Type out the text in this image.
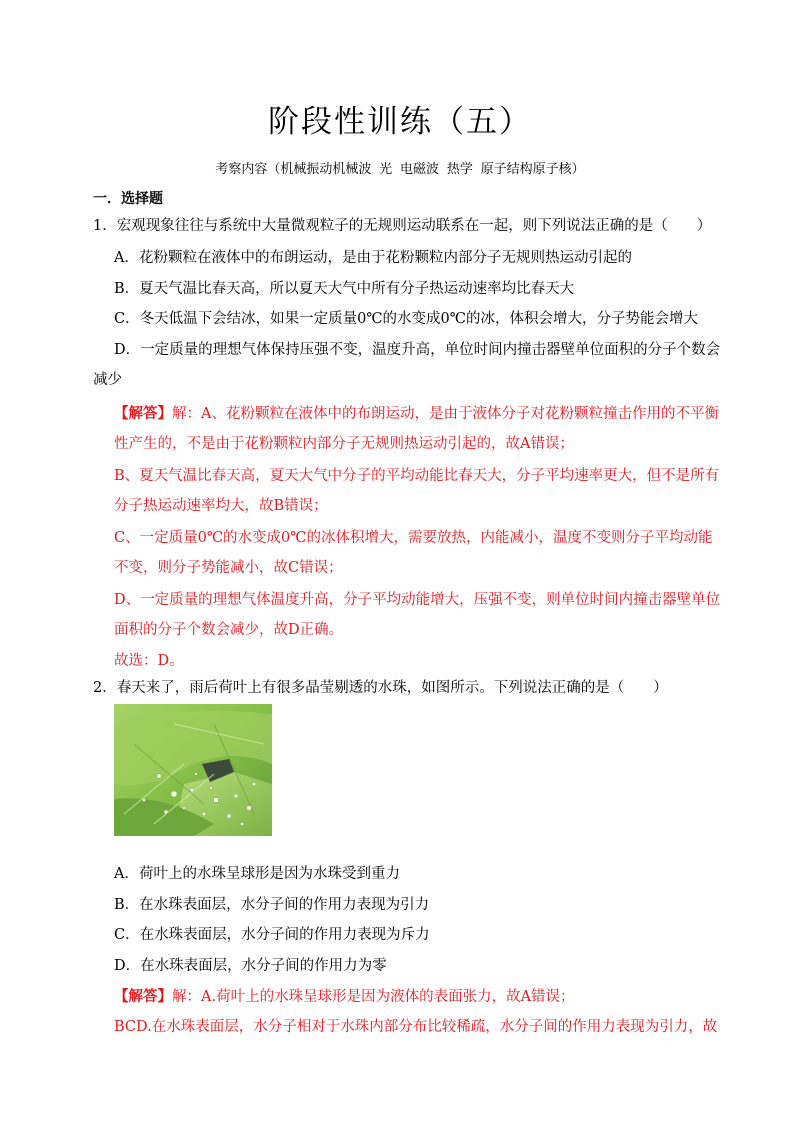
阶段性训练（五）
考察内容（机械振动机械波 光 电磁波 热学 原子结构原子核）
一．选择题
1．宏观现象往往与系统中大量微观粒子的无规则运动联系在一起，则下列说法正确的是（　　）
A．花粉颗粒在液体中的布朗运动，是由于花粉颗粒内部分子无规则热运动引起的
B．夏天气温比春天高，所以夏天大气中所有分子热运动速率均比春天大
C．冬天低温下会结冰，如果一定质量0℃的水变成0℃的冰，体积会增大，分子势能会增大
D．一定质量的理想气体保持压强不变，温度升高，单位时间内撞击器壁单位面积的分子个数会
减少
【解答】解：A、花粉颗粒在液体中的布朗运动，是由于液体分子对花粉颗粒撞击作用的不平衡
性产生的，不是由于花粉颗粒内部分子无规则热运动引起的，故A错误；
B、夏天气温比春天高，夏天大气中分子的平均动能比春天大，分子平均速率更大，但不是所有
分子热运动速率均大，故B错误；
C、一定质量0℃的水变成0℃的冰体积增大，需要放热，内能减小，温度不变则分子平均动能
不变，则分子势能减小，故C错误；
D、一定质量的理想气体温度升高，分子平均动能增大，压强不变，则单位时间内撞击器壁单位
面积的分子个数会减少，故D正确。
故选：D。
2．春天来了，雨后荷叶上有很多晶莹剔透的水珠，如图所示。下列说法正确的是（　　）
A．荷叶上的水珠呈球形是因为水珠受到重力
B．在水珠表面层，水分子间的作用力表现为引力
C．在水珠表面层，水分子间的作用力表现为斥力
D．在水珠表面层，水分子间的作用力为零
【解答】解：A.荷叶上的水珠呈球形是因为液体的表面张力，故A错误；
BCD.在水珠表面层，水分子相对于水珠内部分布比较稀疏，水分子间的作用力表现为引力，故
